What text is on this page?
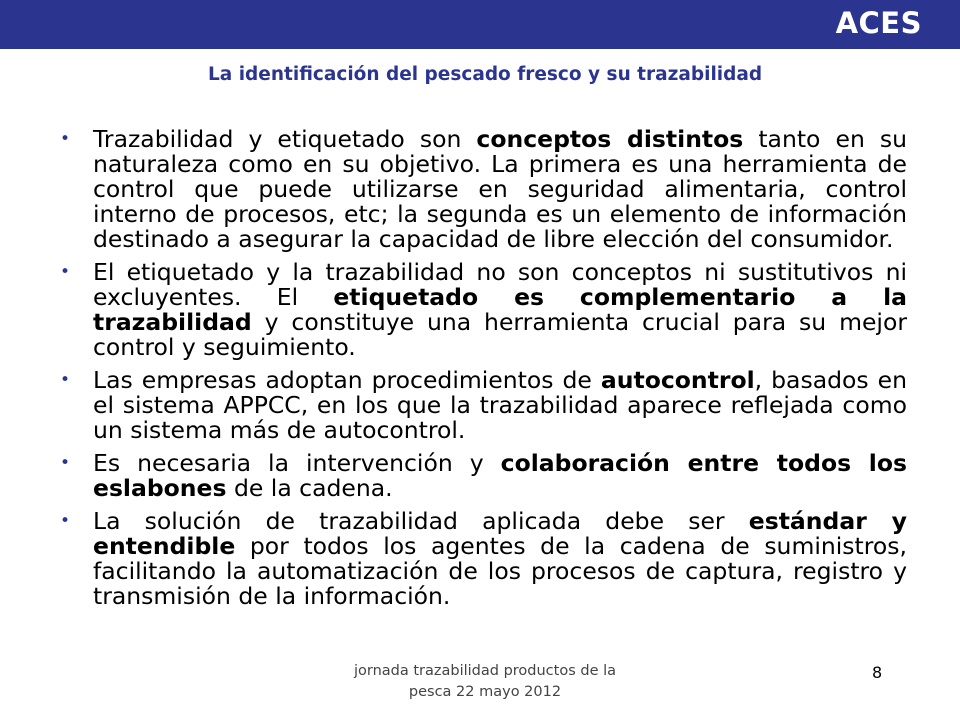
ACES
La identificación del pescado fresco y su trazabilidad
• Trazabilidad y etiquetado son conceptos distintos tanto en su naturaleza como en su objetivo. La primera es una herramienta de control que puede utilizarse en seguridad alimentaria, control interno de procesos, etc; la segunda es un elemento de información destinado a asegurar la capacidad de libre elección del consumidor.
• El etiquetado y la trazabilidad no son conceptos ni sustitutivos ni excluyentes. El etiquetado es complementario a la trazabilidad y constituye una herramienta crucial para su mejor control y seguimiento.
• Las empresas adoptan procedimientos de autocontrol, basados en el sistema APPCC, en los que la trazabilidad aparece reflejada como un sistema más de autocontrol.
• Es necesaria la intervención y colaboración entre todos los eslabones de la cadena.
• La solución de trazabilidad aplicada debe ser estándar y entendible por todos los agentes de la cadena de suministros, facilitando la automatización de los procesos de captura, registro y transmisión de la información.
jornada trazabilidad productos de la
pesca 22 mayo 2012
8
